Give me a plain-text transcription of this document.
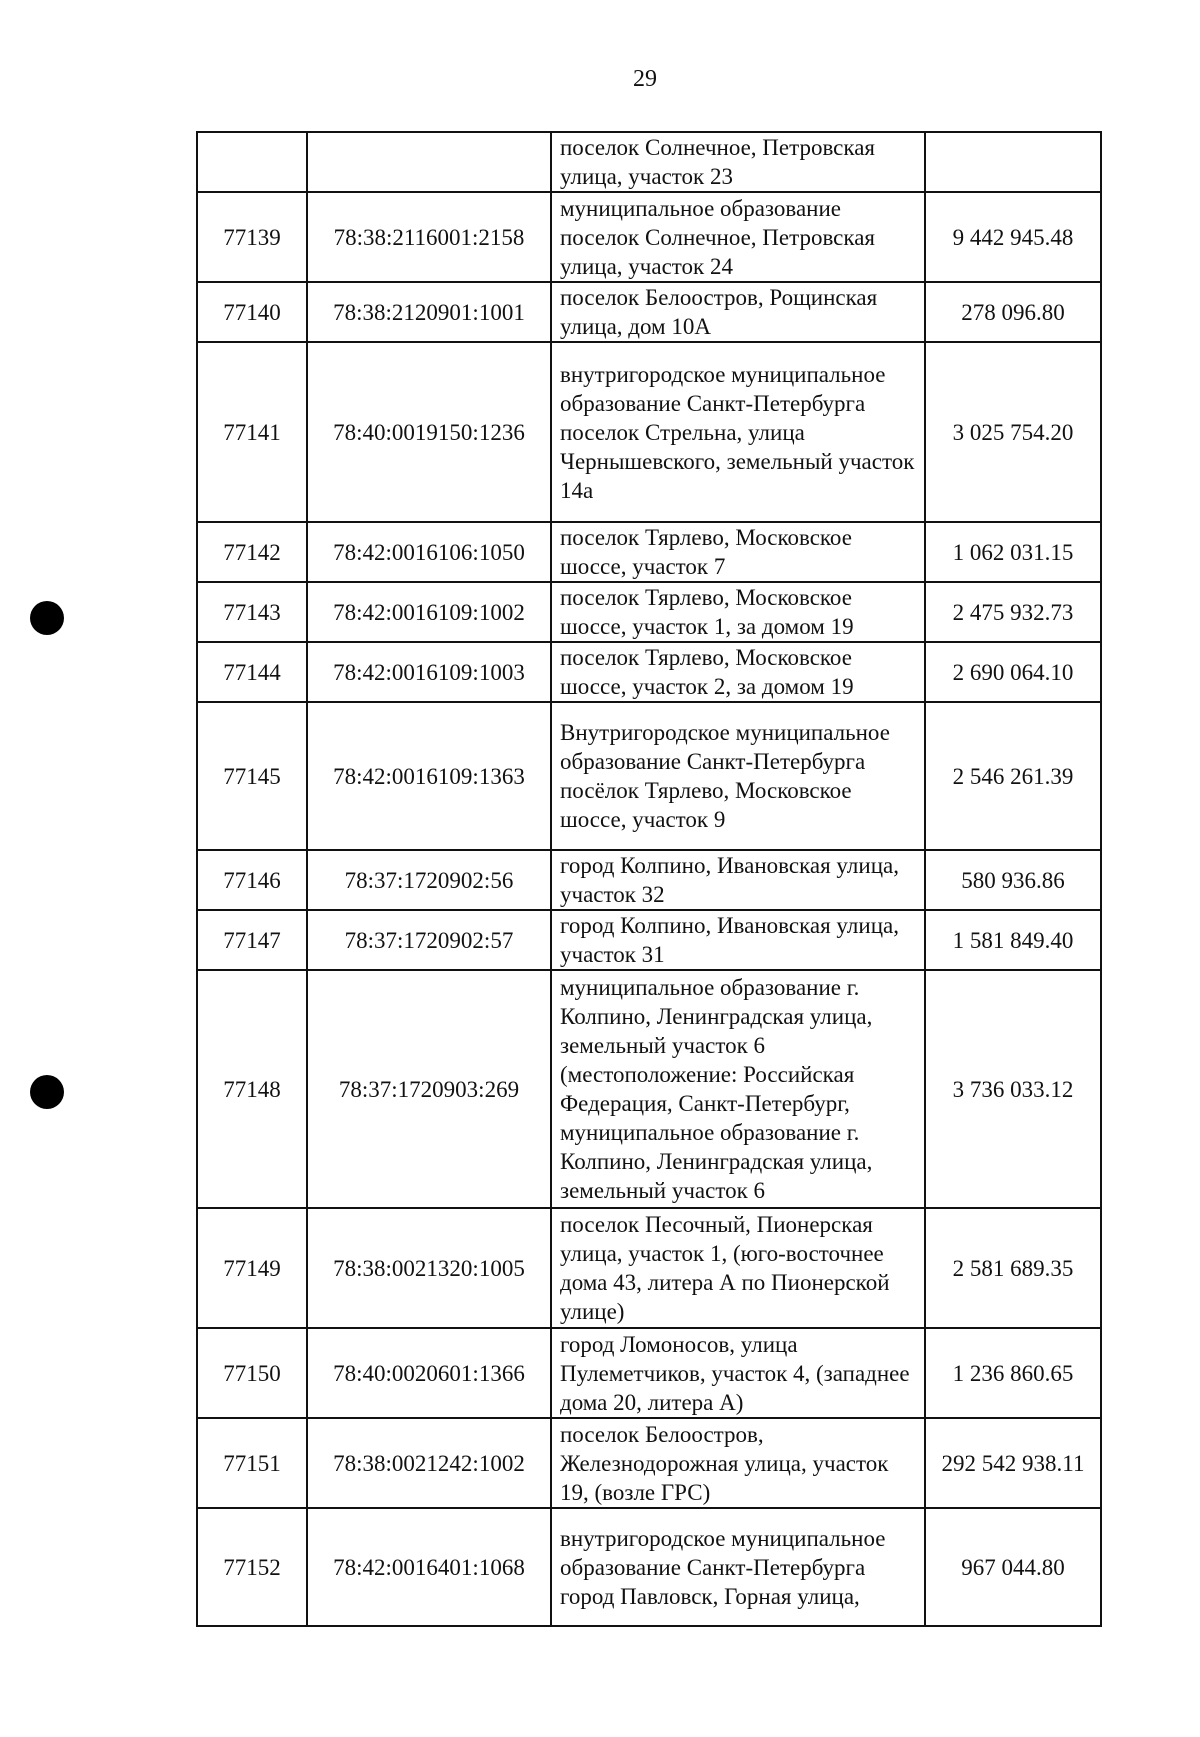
29
		поселок Солнечное, Петровская улица, участок 23	
77139	78:38:2116001:2158	муниципальное образование поселок Солнечное, Петровская улица, участок 24	9 442 945.48
77140	78:38:2120901:1001	поселок Белоостров, Рощинская улица, дом 10А	278 096.80
77141	78:40:0019150:1236	внутригородское муниципальное образование Санкт-Петербурга поселок Стрельна, улица Чернышевского, земельный участок 14а	3 025 754.20
77142	78:42:0016106:1050	поселок Тярлево, Московское шоссе, участок 7	1 062 031.15
77143	78:42:0016109:1002	поселок Тярлево, Московское шоссе, участок 1, за домом 19	2 475 932.73
77144	78:42:0016109:1003	поселок Тярлево, Московское шоссе, участок 2, за домом 19	2 690 064.10
77145	78:42:0016109:1363	Внутригородское муниципальное образование Санкт-Петербурга посёлок Тярлево, Московское шоссе, участок 9	2 546 261.39
77146	78:37:1720902:56	город Колпино, Ивановская улица, участок 32	580 936.86
77147	78:37:1720902:57	город Колпино, Ивановская улица, участок 31	1 581 849.40
77148	78:37:1720903:269	муниципальное образование г. Колпино, Ленинградская улица, земельный участок 6 (местоположение: Российская Федерация, Санкт-Петербург, муниципальное образование г. Колпино, Ленинградская улица, земельный участок 6	3 736 033.12
77149	78:38:0021320:1005	поселок Песочный, Пионерская улица, участок 1, (юго-восточнее дома 43, литера А по Пионерской улице)	2 581 689.35
77150	78:40:0020601:1366	город Ломоносов, улица Пулеметчиков, участок 4, (западнее дома 20, литера А)	1 236 860.65
77151	78:38:0021242:1002	поселок Белоостров, Железнодорожная улица, участок 19, (возле ГРС)	292 542 938.11
77152	78:42:0016401:1068	внутригородское муниципальное образование Санкт-Петербурга город Павловск, Горная улица,	967 044.80
